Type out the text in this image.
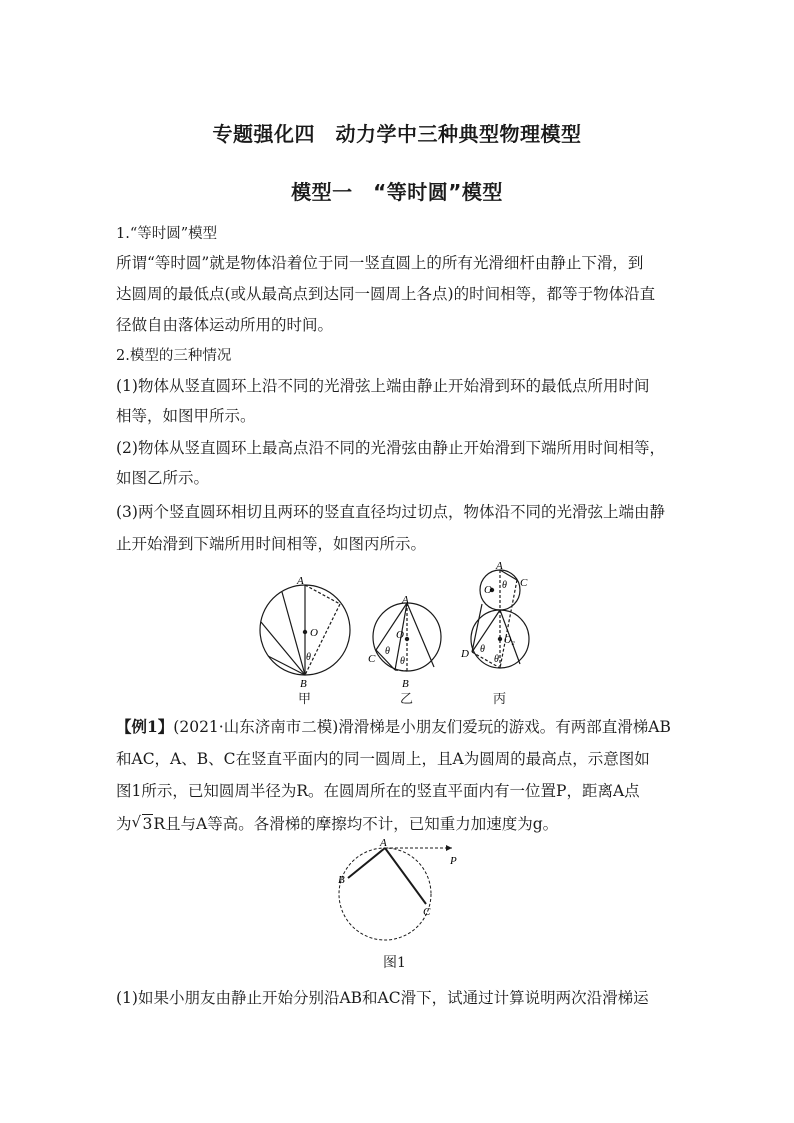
专题强化四　动力学中三种典型物理模型
模型一　“等时圆”模型
1.“等时圆”模型
所谓“等时圆”就是物体沿着位于同一竖直圆上的所有光滑细杆由静止下滑，到
达圆周的最低点(或从最高点到达同一圆周上各点)的时间相等，都等于物体沿直
径做自由落体运动所用的时间。
2.模型的三种情况
(1)物体从竖直圆环上沿不同的光滑弦上端由静止开始滑到环的最低点所用时间
相等，如图甲所示。
(2)物体从竖直圆环上最高点沿不同的光滑弦由静止开始滑到下端所用时间相等，
如图乙所示。
(3)两个竖直圆环相切且两环的竖直直径均过切点，物体沿不同的光滑弦上端由静
止开始滑到下端所用时间相等，如图丙所示。
A
O
θ
B
A
O
θ
θ
C
B
A
O θ C
O₂
θ
θ
D
甲	乙	丙
【例1】(2021·山东济南市二模)滑滑梯是小朋友们爱玩的游戏。有两部直滑梯AB
和AC，A、B、C在竖直平面内的同一圆周上，且A为圆周的最高点，示意图如
图1所示，已知圆周半径为R。在圆周所在的竖直平面内有一位置P，距离A点
为 √ 3R且与A等高。各滑梯的摩擦均不计，已知重力加速度为g。
A
B
C
P
图1
(1)如果小朋友由静止开始分别沿AB和AC滑下，试通过计算说明两次沿滑梯运
